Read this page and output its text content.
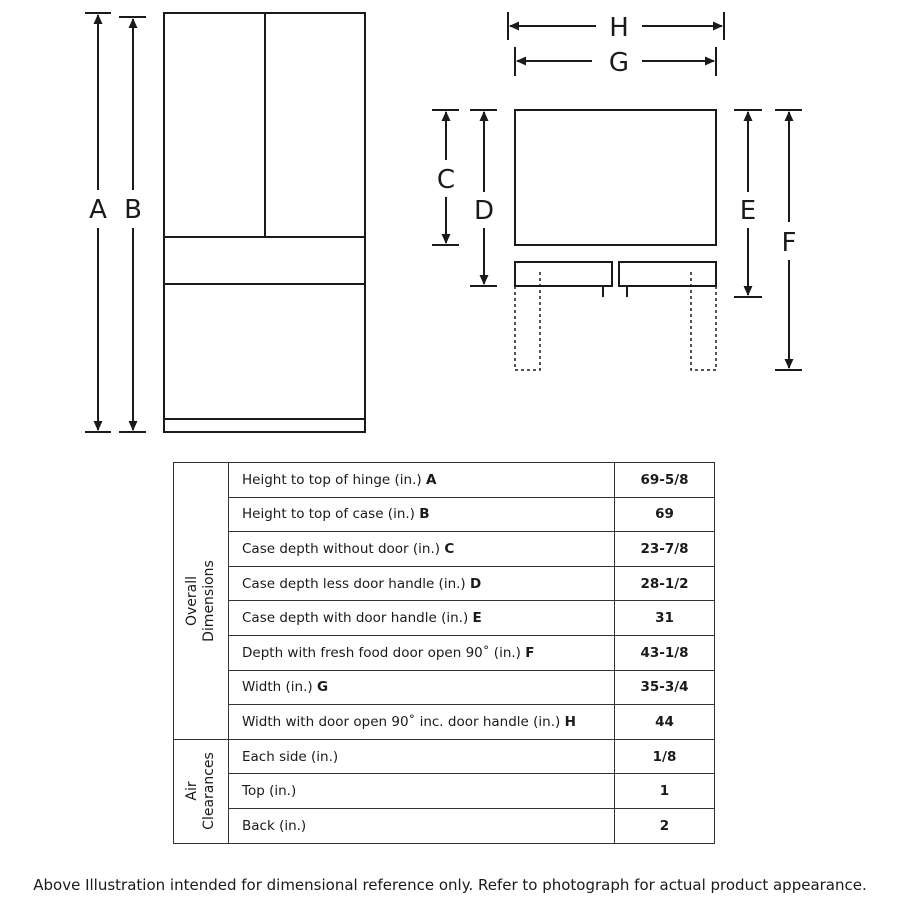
A B
H
G
C
D	E
F
Overall Dimensions	Height to top of hinge (in.) A	69-5/8
	Height to top of case (in.) B	69
	Case depth without door (in.) C	23-7/8
	Case depth less door handle (in.) D	28-1/2
	Case depth with door handle (in.) E	31
	Depth with fresh food door open 90˚ (in.) F	43-1/8
	Width (in.) G	35-3/4
	Width with door open 90˚ inc. door handle (in.) H	44

Air Clearances	Each side (in.)	1/8
	Top (in.)	1
	Back (in.)	2
Above Illustration intended for dimensional reference only. Refer to photograph for actual product appearance.
